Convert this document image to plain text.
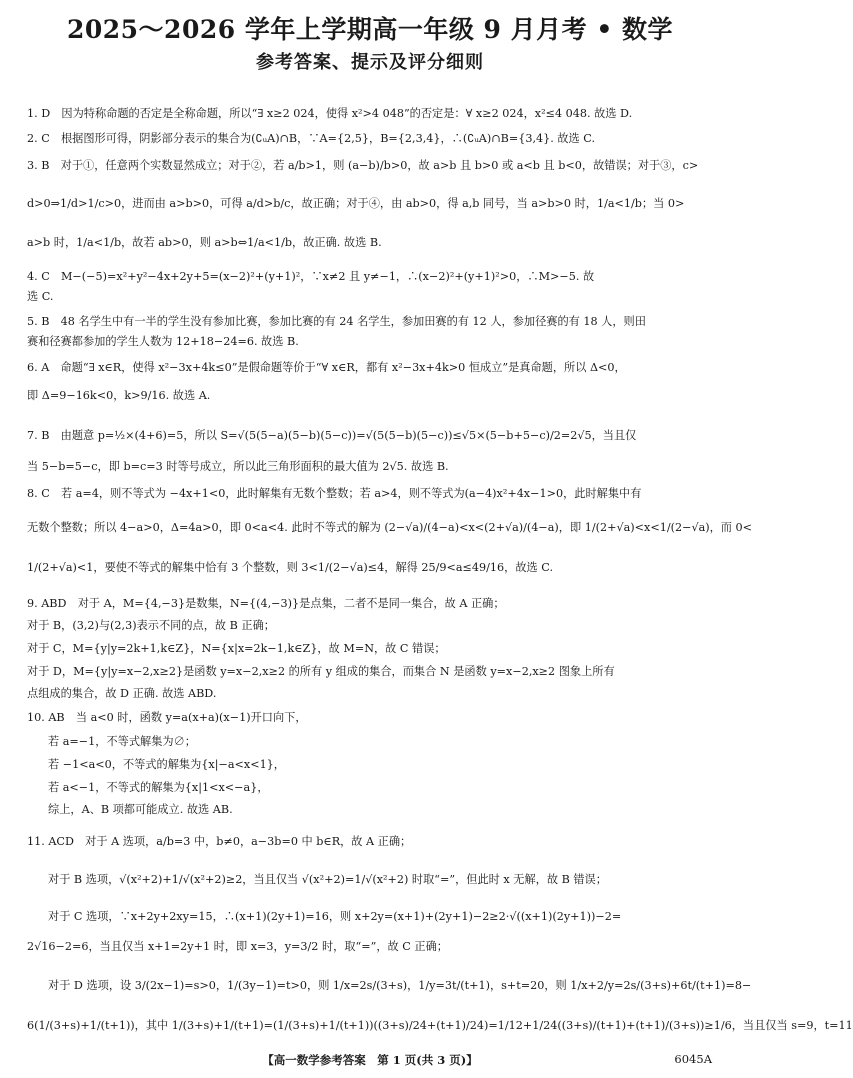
2025～2026 学年上学期高一年级 9 月月考 • 数学
参考答案、提示及评分细则
1. D　因为特称命题的否定是全称命题，所以“∃ x≥2 024，使得 x²>4 048”的否定是：∀ x≥2 024，x²≤4 048. 故选 D.
2. C　根据图形可得，阴影部分表示的集合为(∁ᵤA)∩B，∵A={2,5}，B={2,3,4}，∴(∁ᵤA)∩B={3,4}. 故选 C.
3. B　对于①，任意两个实数显然成立；对于②，若 a/b>1，则 (a−b)/b>0，故 a>b 且 b>0 或 a<b 且 b<0，故错误；对于③，c>
d>0⇒1/d>1/c>0，进而由 a>b>0，可得 a/d>b/c，故正确；对于④，由 ab>0，得 a,b 同号，当 a>b>0 时，1/a<1/b；当 0>
a>b 时，1/a<1/b，故若 ab>0，则 a>b⇔1/a<1/b，故正确. 故选 B.
4. C　M−(−5)=x²+y²−4x+2y+5=(x−2)²+(y+1)²，∵x≠2 且 y≠−1，∴(x−2)²+(y+1)²>0，∴M>−5. 故
选 C.
5. B　48 名学生中有一半的学生没有参加比赛，参加比赛的有 24 名学生，参加田赛的有 12 人，参加径赛的有 18 人，则田
赛和径赛都参加的学生人数为 12+18−24=6. 故选 B.
6. A　命题“∃ x∈R，使得 x²−3x+4k≤0”是假命题等价于“∀ x∈R，都有 x²−3x+4k>0 恒成立”是真命题，所以 Δ<0，
即 Δ=9−16k<0，k>9/16. 故选 A.
7. B　由题意 p=½×(4+6)=5，所以 S=√(5(5−a)(5−b)(5−c))=√(5(5−b)(5−c))≤√5×(5−b+5−c)/2=2√5，当且仅
当 5−b=5−c，即 b=c=3 时等号成立，所以此三角形面积的最大值为 2√5. 故选 B.
8. C　若 a=4，则不等式为 −4x+1<0，此时解集有无数个整数；若 a>4，则不等式为(a−4)x²+4x−1>0，此时解集中有
无数个整数；所以 4−a>0，Δ=4a>0，即 0<a<4. 此时不等式的解为 (2−√a)/(4−a)<x<(2+√a)/(4−a)，即 1/(2+√a)<x<1/(2−√a)，而 0<
1/(2+√a)<1，要使不等式的解集中恰有 3 个整数，则 3<1/(2−√a)≤4，解得 25/9<a≤49/16，故选 C.
9. ABD　对于 A，M={4,−3}是数集，N={(4,−3)}是点集，二者不是同一集合，故 A 正确；
对于 B，(3,2)与(2,3)表示不同的点，故 B 正确；
对于 C，M={y|y=2k+1,k∈Z}，N={x|x=2k−1,k∈Z}，故 M=N，故 C 错误；
对于 D，M={y|y=x−2,x≥2}是函数 y=x−2,x≥2 的所有 y 组成的集合，而集合 N 是函数 y=x−2,x≥2 图象上所有
点组成的集合，故 D 正确. 故选 ABD.
10. AB　当 a<0 时，函数 y=a(x+a)(x−1)开口向下，
若 a=−1，不等式解集为∅；
若 −1<a<0，不等式的解集为{x|−a<x<1}，
若 a<−1，不等式的解集为{x|1<x<−a}，
综上，A、B 项都可能成立. 故选 AB.
11. ACD　对于 A 选项，a/b=3 中，b≠0，a−3b=0 中 b∈R，故 A 正确；
对于 B 选项，√(x²+2)+1/√(x²+2)≥2，当且仅当 √(x²+2)=1/√(x²+2) 时取“=”，但此时 x 无解，故 B 错误；
对于 C 选项，∵x+2y+2xy=15，∴(x+1)(2y+1)=16，则 x+2y=(x+1)+(2y+1)−2≥2·√((x+1)(2y+1))−2=
2√16−2=6，当且仅当 x+1=2y+1 时，即 x=3，y=3/2 时，取“=”，故 C 正确；
对于 D 选项，设 3/(2x−1)=s>0，1/(3y−1)=t>0，则 1/x=2s/(3+s)，1/y=3t/(t+1)，s+t=20，则 1/x+2/y=2s/(3+s)+6t/(t+1)=8−
6(1/(3+s)+1/(t+1))，其中 1/(3+s)+1/(t+1)=(1/(3+s)+1/(t+1))((3+s)/24+(t+1)/24)=1/12+1/24((3+s)/(t+1)+(t+1)/(3+s))≥1/6，当且仅当 s=9，t=11
【高一数学参考答案　第 1 页(共 3 页)】	6045A
